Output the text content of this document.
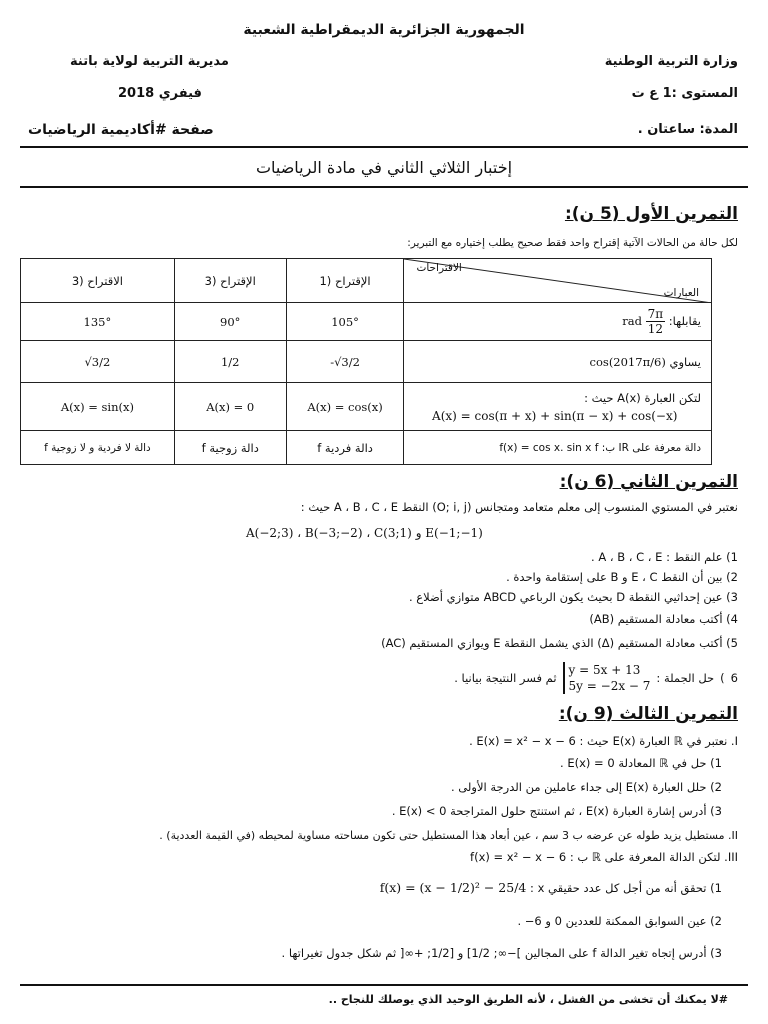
الجمهورية الجزائرية الديمقراطية الشعبية
وزارة التربية الوطنية
مديرية التربية لولاية باتنة
المستوى :1 ع ت
فيفري 2018
المدة: ساعتان .
صفحة #أكاديمية الرياضيات
إختبار الثلاثي الثاني في مادة الرياضيات
التمرين الأول (5 ن):
لكل حالة من الحالات الآتية إقتراح واحد فقط صحيح يطلب إختياره مع التبرير:
الاقتراحات
العبارات	الإقتراح (1	الإقتراح (3	الاقتراح (3
يقابلها:
$\frac{7\pi}{12}$
rad	105°	90°	135°
يساوي cos(2017π/6)	-√3/2	1/2	√3/2

لتكن العبارة A(x) حيث :
A(x) = cos(π + x) + sin(π − x) + cos(−x)	A(x) = cos(x)	A(x) = 0	A(x) = sin(x)
دالة معرفة على IR ب: f(x) = cos x. sin x f	دالة فردية f	دالة زوجية f	دالة لا فردية و لا زوجية f
التمرين الثاني (6 ن):
نعتبر في المستوي المنسوب إلى معلم متعامد ومتجانس (O; i, j) النقط A ، B ، C ، E حيث :
A(−2;3) ، B(−3;−2) ، C(3;1) و E(−1;−1)
1) علم النقط : A ، B ، C ، E .
2) بين أن النقط E ، C و B على إستقامة واحدة .
3) عين إحداثيي النقطة D بحيث يكون الرباعي ABCD متوازي أضلاع .
4) أكتب معادلة المستقيم (AB)
5) أكتب معادلة المستقيم (Δ) الذي يشمل النقطة E ويوازي المستقيم (AC)
6
)
حل الجملة :
y = 5x + 13
5y = −2x − 7
ثم فسر النتيجة بيانيا .
التمرين الثالث (9 ن):
I. نعتبر في ℝ العبارة E(x) حيث : E(x) = x² − x − 6 .
1) حل في ℝ المعادلة E(x) = 0 .
2) حلل العبارة E(x) إلى جداء عاملين من الدرجة الأولى .
3) أدرس إشارة العبارة E(x) ، ثم استنتج حلول المتراجحة E(x) < 0 .
II. مستطيل يزيد طوله عن عرضه ب 3 سم ، عين أبعاد هذا المستطيل حتى تكون مساحته مساوية لمحيطه (في القيمة العددية) .
III. لتكن الدالة المعرفة على ℝ ب : f(x) = x² − x − 6
1) تحقق أنه من أجل كل عدد حقيقي x : f(x) = (x − 1/2)² − 25/4
2) عين السوابق الممكنة للعددين 0 و 6− .
3) أدرس إتجاه تغير الدالة f على المجالين ]−∞; 1/2] و [1/2; +∞[ ثم شكل جدول تغيراتها .
#لا يمكنك أن تخشى من الفشل ، لأنه الطريق الوحيد الذي يوصلك للنجاح ..
